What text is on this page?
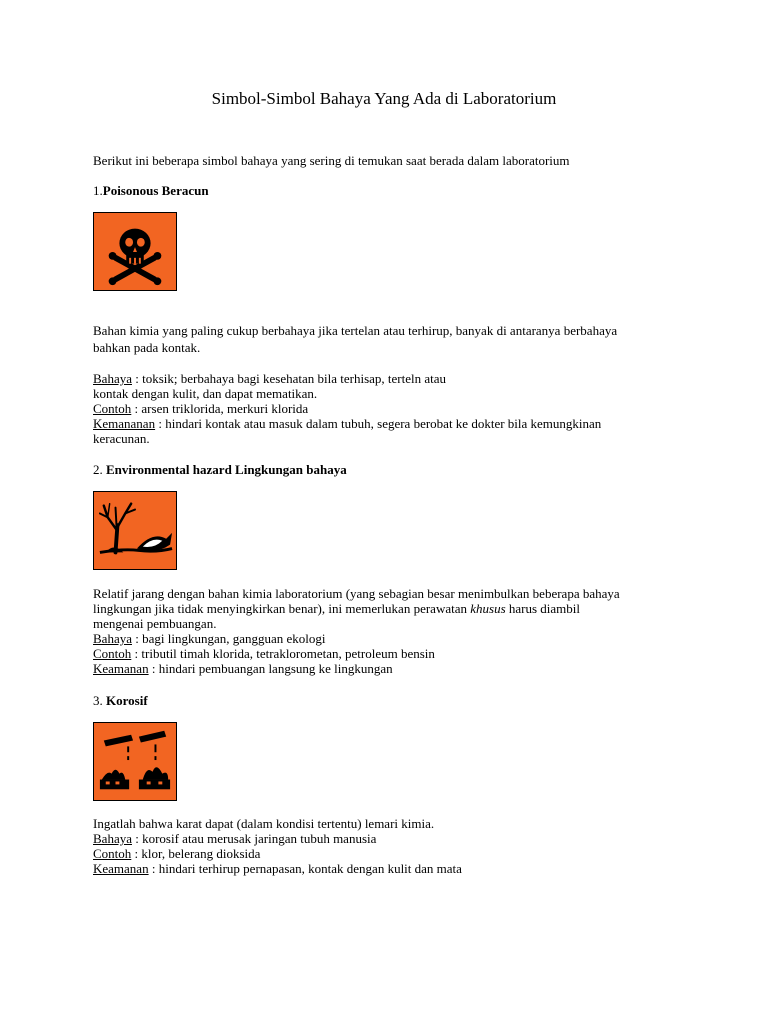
Simbol-Simbol Bahaya Yang Ada di Laboratorium
Berikut ini beberapa simbol bahaya yang sering di temukan saat berada dalam laboratorium
1.Poisonous Beracun
Bahan kimia yang paling cukup berbahaya jika tertelan atau terhirup, banyak di antaranya berbahaya
bahkan pada kontak.
Bahaya : toksik; berbahaya bagi kesehatan bila terhisap, terteln atau
kontak dengan kulit, dan dapat mematikan.
Contoh : arsen triklorida, merkuri klorida
Kemananan : hindari kontak atau masuk dalam tubuh, segera berobat ke dokter bila kemungkinan
keracunan.
2. Environmental hazard Lingkungan bahaya
Relatif jarang dengan bahan kimia laboratorium (yang sebagian besar menimbulkan beberapa bahaya
lingkungan jika tidak menyingkirkan benar), ini memerlukan perawatan khusus harus diambil
mengenai pembuangan.
Bahaya : bagi lingkungan, gangguan ekologi
Contoh : tributil timah klorida, tetraklorometan, petroleum bensin
Keamanan : hindari pembuangan langsung ke lingkungan
3. Korosif
Ingatlah bahwa karat dapat (dalam kondisi tertentu) lemari kimia.
Bahaya : korosif atau merusak jaringan tubuh manusia
Contoh : klor, belerang dioksida
Keamanan : hindari terhirup pernapasan, kontak dengan kulit dan mata
